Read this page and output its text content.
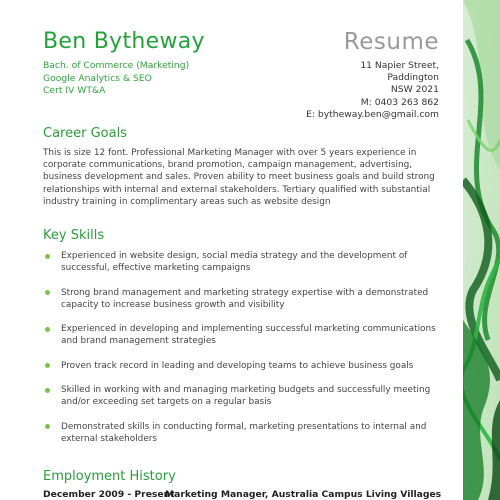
Ben Bytheway	Resume
Bach. of Commerce (Marketing)
Google Analytics & SEO
Cert IV WT&A
11 Napier Street,
Paddington
NSW 2021
M: 0403 263 862
E: bytheway.ben@gmail.com
Career Goals
This is size 12 font. Professional Marketing Manager with over 5 years experience in corporate communications, brand promotion, campaign management, advertising, business development and sales. Proven ability to meet business goals and build strong relationships with internal and external stakeholders. Tertiary qualified with substantial industry training in complimentary areas such as website design
Key Skills
Experienced in website design, social media strategy and the development of successful, effective marketing campaigns
Strong brand management and marketing strategy expertise with a demonstrated capacity to increase business growth and visibility
Experienced in developing and implementing successful marketing communications and brand management strategies
Proven track record in leading and developing teams to achieve business goals
Skilled in working with and managing marketing budgets and successfully meeting and/or exceeding set targets on a regular basis
Demonstrated skills in conducting formal, marketing presentations to internal and external stakeholders
Employment History
December 2009 - PresentMarketing Manager, Australia Campus Living Villages
